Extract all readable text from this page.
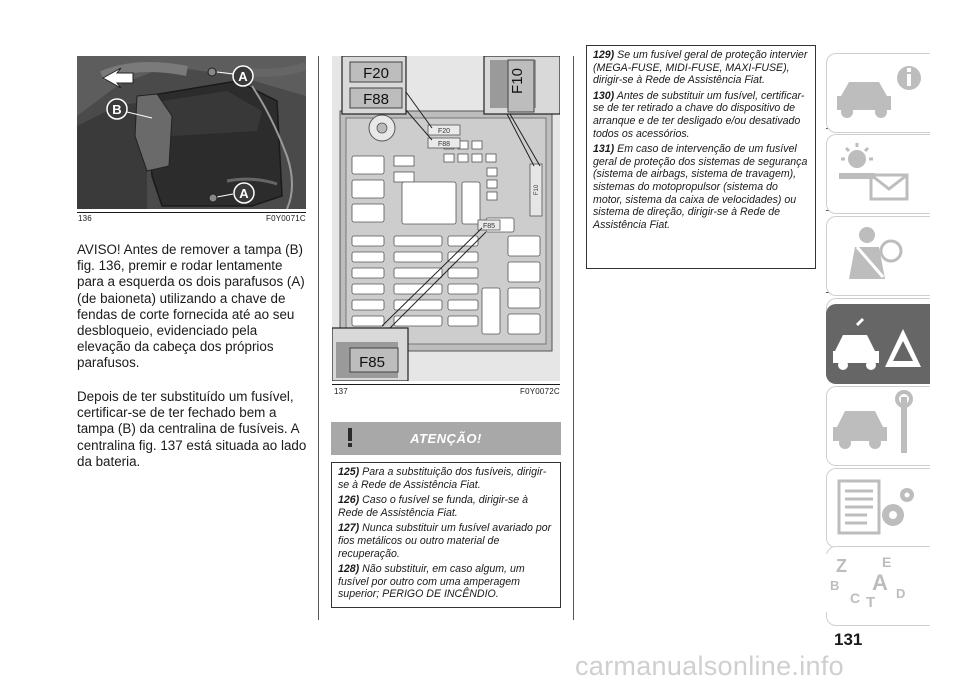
A
B
A
136	F0Y0071C
AVISO! Antes de remover a tampa (B) fig. 136, premir e rodar lentamente para a esquerda os dois parafusos (A) (de baioneta) utilizando a chave de fendas de corte fornecida até ao seu desbloqueio, evidenciado pela elevação da cabeça dos próprios parafusos.
Depois de ter substituído um fusível, certificar-se de ter fechado bem a tampa (B) da centralina de fusíveis. A centralina fig. 137 está situada ao lado da bateria.
F10
F20
F88
F85
F20
F88
F10
F85
137	F0Y0072C
ATENÇÃO!
125) Para a substituição dos fusíveis, dirigir-se à Rede de Assistência Fiat.
126) Caso o fusível se funda, dirigir-se à Rede de Assistência Fiat.
127) Nunca substituir um fusível avariado por fios metálicos ou outro material de recuperação.
128) Não substituir, em caso algum, um fusível por outro com uma amperagem superior; PERIGO DE INCÊNDIO.
129) Se um fusível geral de proteção intervier (MEGA-FUSE, MIDI-FUSE, MAXI-FUSE), dirigir-se à Rede de Assistência Fiat.
130) Antes de substituir um fusível, certificar-se de ter retirado a chave do dispositivo de arranque e de ter desligado e/ou desativado todos os acessórios.
131) Em caso de intervenção de um fusível geral de proteção dos sistemas de segurança (sistema de airbags, sistema de travagem), sistemas do motopropulsor (sistema do motor, sistema da caixa de velocidades) ou sistema de direção, dirigir-se à Rede de Assistência Fiat.
Z	E
B A
C	D
T
131
carmanualsonline.info
